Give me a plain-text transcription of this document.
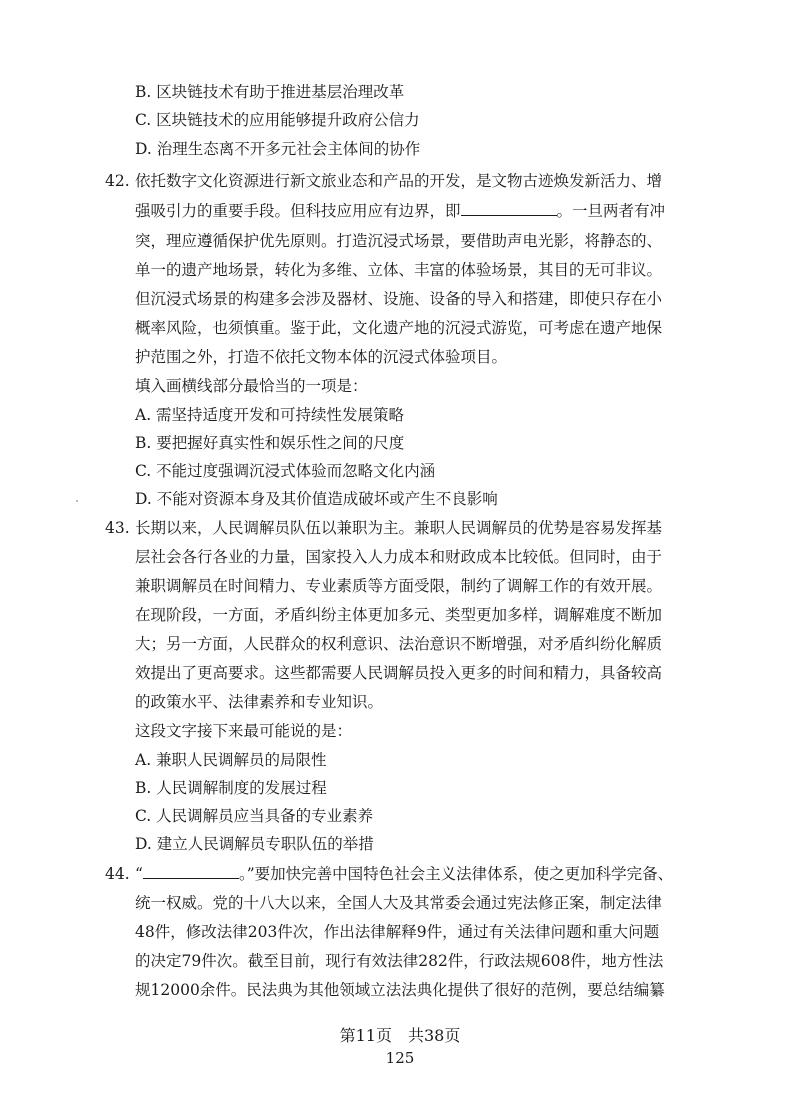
B. 区块链技术有助于推进基层治理改革
C. 区块链技术的应用能够提升政府公信力
D. 治理生态离不开多元社会主体间的协作
42. 依托数字文化资源进行新文旅业态和产品的开发，是文物古迹焕发新活力、增
强吸引力的重要手段。但科技应用应有边界，即	。一旦两者有冲
突，理应遵循保护优先原则。打造沉浸式场景，要借助声电光影，将静态的、
单一的遗产地场景，转化为多维、立体、丰富的体验场景，其目的无可非议。
但沉浸式场景的构建多会涉及器材、设施、设备的导入和搭建，即使只存在小
概率风险，也须慎重。鉴于此，文化遗产地的沉浸式游览，可考虑在遗产地保
护范围之外，打造不依托文物本体的沉浸式体验项目。
填入画横线部分最恰当的一项是：
A. 需坚持适度开发和可持续性发展策略
B. 要把握好真实性和娱乐性之间的尺度
C. 不能过度强调沉浸式体验而忽略文化内涵
D. 不能对资源本身及其价值造成破坏或产生不良影响
43. 长期以来，人民调解员队伍以兼职为主。兼职人民调解员的优势是容易发挥基
层社会各行各业的力量，国家投入人力成本和财政成本比较低。但同时，由于
兼职调解员在时间精力、专业素质等方面受限，制约了调解工作的有效开展。
在现阶段，一方面，矛盾纠纷主体更加多元、类型更加多样，调解难度不断加
大；另一方面，人民群众的权利意识、法治意识不断增强，对矛盾纠纷化解质
效提出了更高要求。这些都需要人民调解员投入更多的时间和精力，具备较高
的政策水平、法律素养和专业知识。
这段文字接下来最可能说的是：
A. 兼职人民调解员的局限性
B. 人民调解制度的发展过程
C. 人民调解员应当具备的专业素养
D. 建立人民调解员专职队伍的举措
44. “	。”要加快完善中国特色社会主义法律体系，使之更加科学完备、
统一权威。党的十八大以来，全国人大及其常委会通过宪法修正案，制定法律
48件，修改法律203件次，作出法律解释9件，通过有关法律问题和重大问题
的决定79件次。截至目前，现行有效法律282件，行政法规608件，地方性法
规12000余件。民法典为其他领域立法法典化提供了很好的范例，要总结编纂
第11页　共38页
125
